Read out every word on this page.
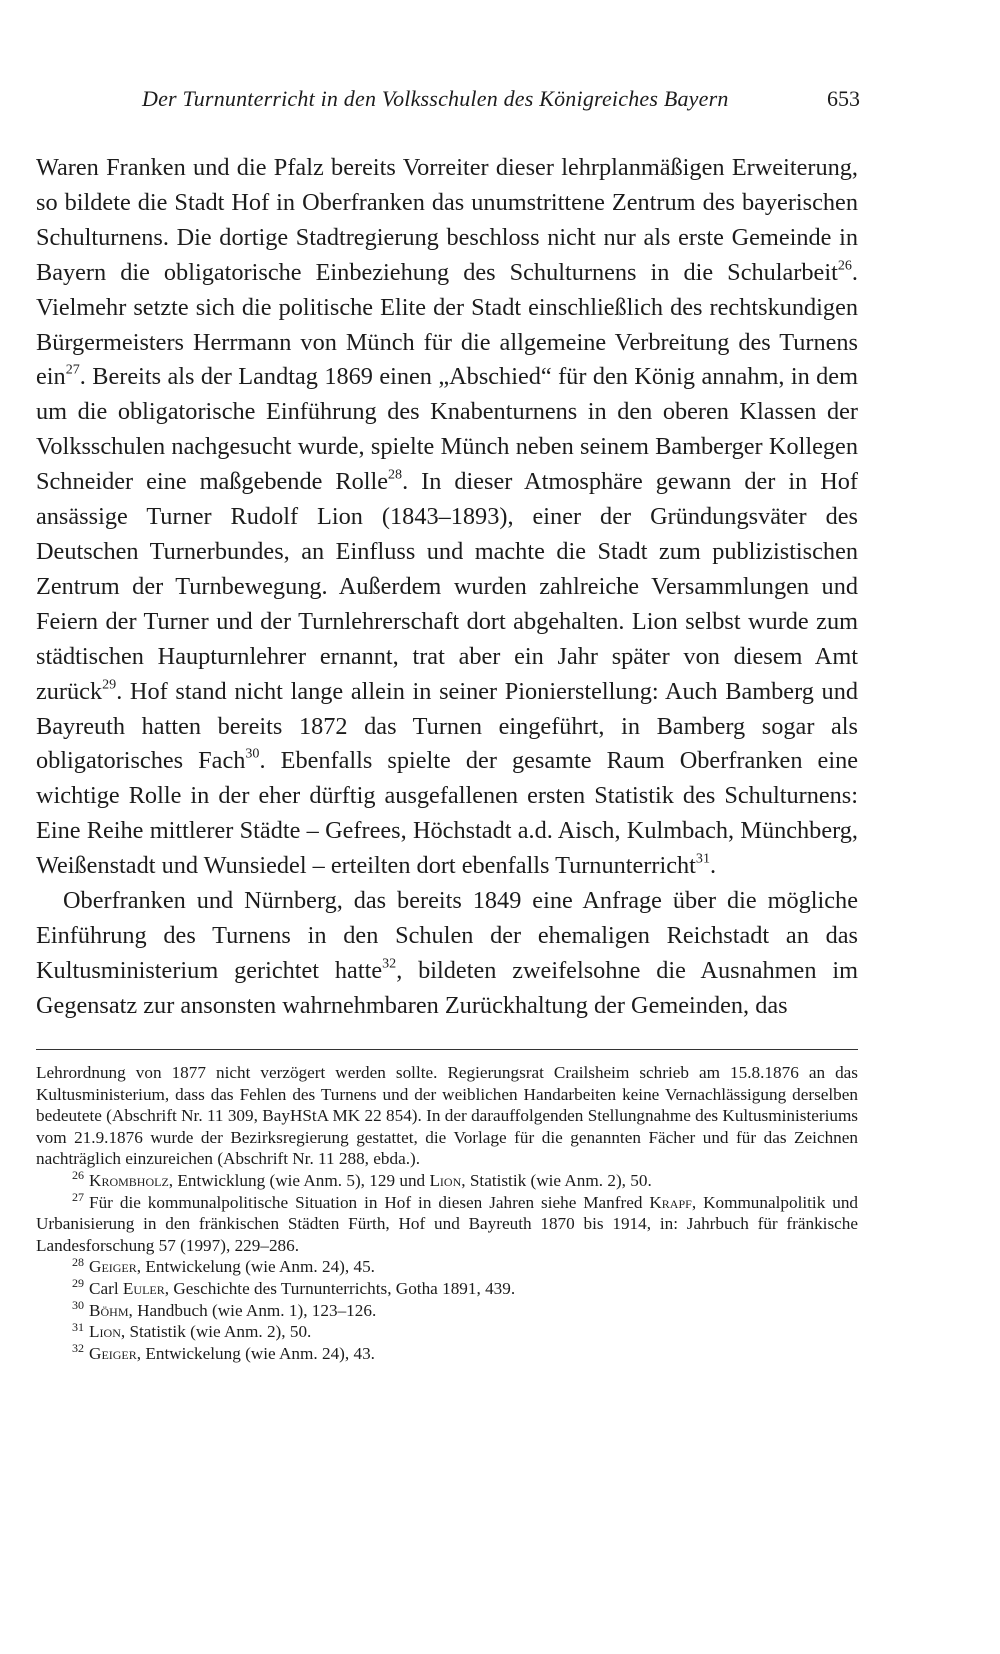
Der Turnunterricht in den Volksschulen des Königreiches Bayern	653

Waren Franken und die Pfalz bereits Vorreiter dieser lehrplanmäßigen Erweiterung, so bildete die Stadt Hof in Oberfranken das unumstrittene Zentrum des bayerischen Schulturnens. Die dortige Stadtregierung beschloss nicht nur als erste Gemeinde in Bayern die obligatorische Einbeziehung des Schulturnens in die Schularbeit$^{26}$. Vielmehr setzte sich die politische Elite der Stadt einschließlich des rechtskundigen Bürgermeisters Herrmann von Münch für die allgemeine Verbreitung des Turnens ein$^{27}$. Bereits als der Landtag 1869 einen „Abschied“ für den König annahm, in dem um die obligatorische Einführung des Knabenturnens in den oberen Klassen der Volksschulen nachgesucht wurde, spielte Münch neben seinem Bamberger Kollegen Schneider eine maßgebende Rolle$^{28}$. In dieser Atmosphäre gewann der in Hof ansässige Turner Rudolf Lion (1843–1893), einer der Gründungsväter des Deutschen Turnerbundes, an Einfluss und machte die Stadt zum publizistischen Zentrum der Turnbewegung. Außerdem wurden zahlreiche Versammlungen und Feiern der Turner und der Turnlehrerschaft dort abgehalten. Lion selbst wurde zum städtischen Haupturnlehrer ernannt, trat aber ein Jahr später von diesem Amt zurück$^{29}$. Hof stand nicht lange allein in seiner Pionierstellung: Auch Bamberg und Bayreuth hatten bereits 1872 das Turnen eingeführt, in Bamberg sogar als obligatorisches Fach$^{30}$. Ebenfalls spielte der gesamte Raum Oberfranken eine wichtige Rolle in der eher dürftig ausgefallenen ersten Statistik des Schulturnens: Eine Reihe mittlerer Städte – Gefrees, Höchstadt a.d. Aisch, Kulmbach, Münchberg, Weißenstadt und Wunsiedel – erteilten dort ebenfalls Turnunterricht$^{31}$.

Oberfranken und Nürnberg, das bereits 1849 eine Anfrage über die mögliche Einführung des Turnens in den Schulen der ehemaligen Reichstadt an das Kultusministerium gerichtet hatte$^{32}$, bildeten zweifelsohne die Ausnahmen im Gegensatz zur ansonsten wahrnehmbaren Zurückhaltung der Gemeinden, das

Lehrordnung von 1877 nicht verzögert werden sollte. Regierungsrat Crailsheim schrieb am 15.8.1876 an das Kultusministerium, dass das Fehlen des Turnens und der weiblichen Handarbeiten keine Vernachlässigung derselben bedeutete (Abschrift Nr. 11 309, BayHStA MK 22 854). In der darauffolgenden Stellungnahme des Kultusministeriums vom 21.9.1876 wurde der Bezirksregierung gestattet, die Vorlage für die genannten Fächer und für das Zeichnen nachträglich einzureichen (Abschrift Nr. 11 288, ebda.).

$^{26}$ Krombholz, Entwicklung (wie Anm. 5), 129 und Lion, Statistik (wie Anm. 2), 50.

$^{27}$ Für die kommunalpolitische Situation in Hof in diesen Jahren siehe Manfred Krapf, Kommunalpolitik und Urbanisierung in den fränkischen Städten Fürth, Hof und Bayreuth 1870 bis 1914, in: Jahrbuch für fränkische Landesforschung 57 (1997), 229–286.

$^{28}$ Geiger, Entwickelung (wie Anm. 24), 45.

$^{29}$ Carl Euler, Geschichte des Turnunterrichts, Gotha 1891, 439.

$^{30}$ Böhm, Handbuch (wie Anm. 1), 123–126.

$^{31}$ Lion, Statistik (wie Anm. 2), 50.

$^{32}$ Geiger, Entwickelung (wie Anm. 24), 43.
